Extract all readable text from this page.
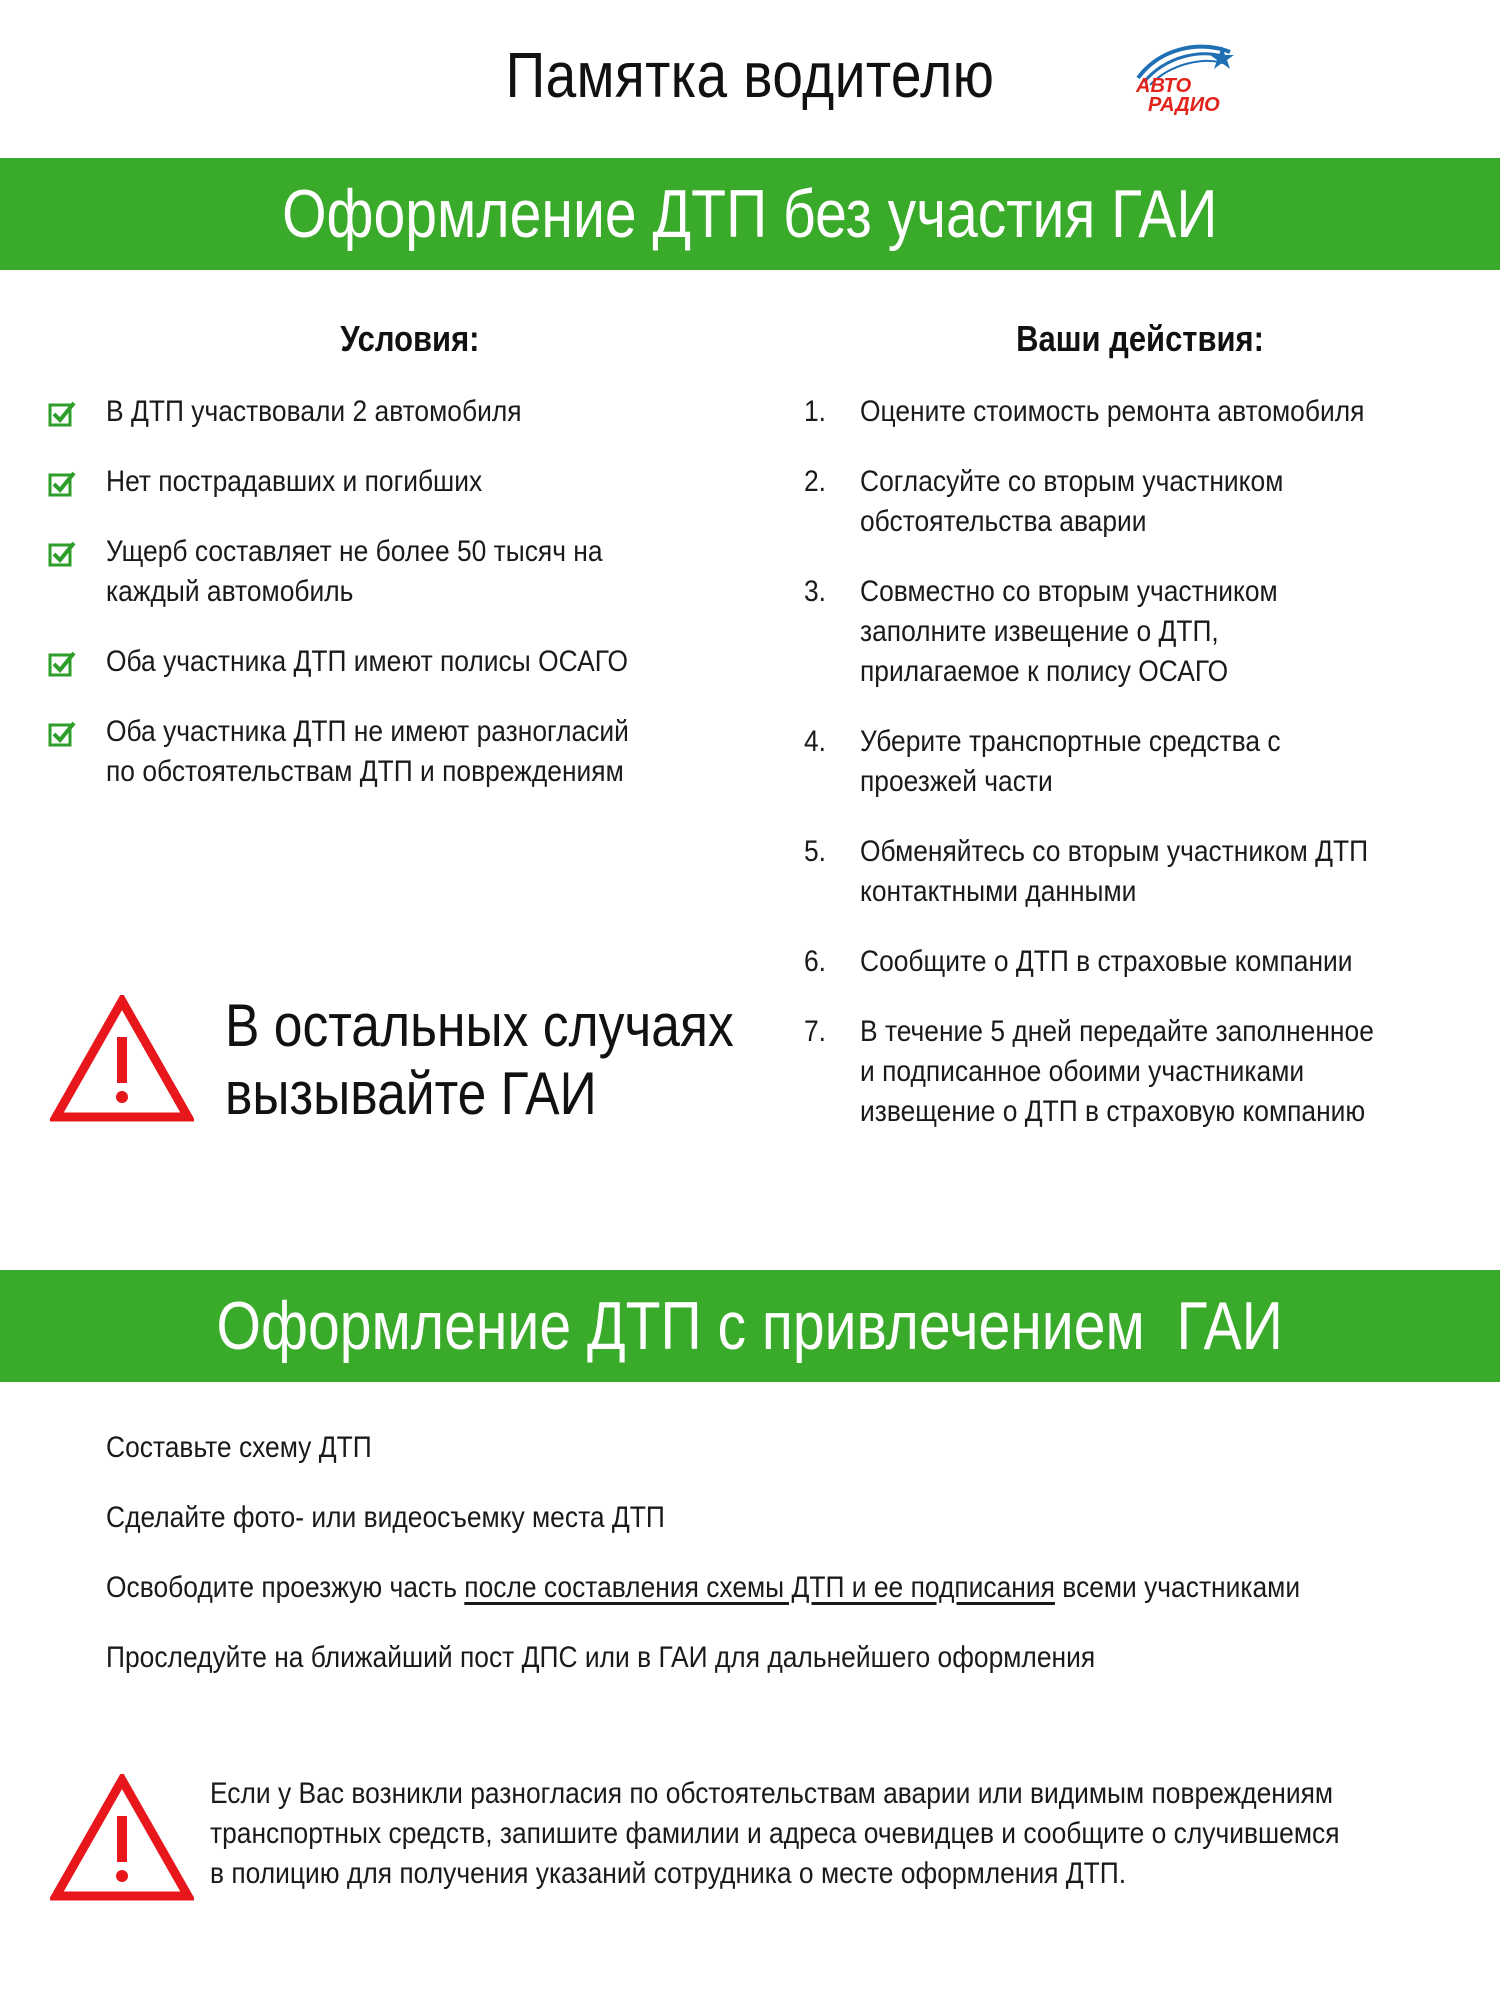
Памятка водителю	АВТО
РАДИО
Оформление ДТП без участия ГАИ
Условия:	Ваши действия:
В ДТП участвовали 2 автомобиля
Нет пострадавших и погибших
Ущерб составляет не более 50 тысяч на
каждый автомобиль
Оба участника ДТП имеют полисы ОСАГО
Оба участника ДТП не имеют разногласий
по обстоятельствам ДТП и повреждениям
1. Оцените стоимость ремонта автомобиля
2. Согласуйте со вторым участником
обстоятельства аварии
3. Совместно со вторым участником
заполните извещение о ДТП,
прилагаемое к полису ОСАГО
4. Уберите транспортные средства с
проезжей части
5. Обменяйтесь со вторым участником ДТП
контактными данными
6. Сообщите о ДТП в страховые компании
7. В течение 5 дней передайте заполненное
и подписанное обоими участниками
извещение о ДТП в страховую компанию
В остальных случаях
вызывайте ГАИ
Оформление ДТП с привлечением  ГАИ
Составьте схему ДТП
Сделайте фото- или видеосъемку места ДТП
Освободите проезжую часть после составления схемы ДТП и ее подписания всеми участниками
Проследуйте на ближайший пост ДПС или в ГАИ для дальнейшего оформления
Если у Вас возникли разногласия по обстоятельствам аварии или видимым повреждениям
транспортных средств, запишите фамилии и адреса очевидцев и сообщите о случившемся
в полицию для получения указаний сотрудника о месте оформления ДТП.
